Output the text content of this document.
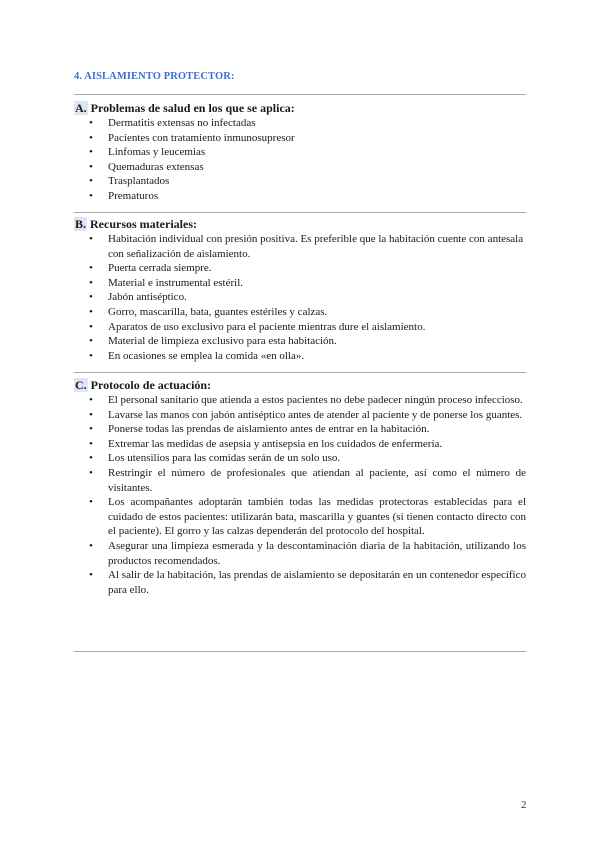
4. AISLAMIENTO PROTECTOR:
A. Problemas de salud en los que se aplica:
• Dermatitis extensas no infectadas
• Pacientes con tratamiento inmunosupresor
• Linfomas y leucemias
• Quemaduras extensas
• Trasplantados
• Prematuros
B. Recursos materiales:
• Habitación individual con presión positiva. Es preferible que la habitación cuente con antesala con señalización de aislamiento.
• Puerta cerrada siempre.
• Material e instrumental estéril.
• Jabón antiséptico.
• Gorro, mascarilla, bata, guantes estériles y calzas.
• Aparatos de uso exclusivo para el paciente mientras dure el aislamiento.
• Material de limpieza exclusivo para esta habitación.
• En ocasiones se emplea la comida «en olla».
C. Protocolo de actuación:
• El personal sanitario que atienda a estos pacientes no debe padecer ningún proceso infeccioso.
• Lavarse las manos con jabón antiséptico antes de atender al paciente y de ponerse los guantes.
• Ponerse todas las prendas de aislamiento antes de entrar en la habitación.
• Extremar las medidas de asepsia y antisepsia en los cuidados de enfermería.
• Los utensilios para las comidas serán de un solo uso.
• Restringir el número de profesionales que atiendan al paciente, así como el número de visitantes.
• Los acompañantes adoptarán también todas las medidas protectoras establecidas para el cuidado de estos pacientes: utilizarán bata, mascarilla y guantes (si tienen contacto directo con el paciente). El gorro y las calzas dependerán del protocolo del hospital.
• Asegurar una limpieza esmerada y la descontaminación diaria de la habitación, utilizando los productos recomendados.
• Al salir de la habitación, las prendas de aislamiento se depositarán en un contenedor específico para ello.
2
